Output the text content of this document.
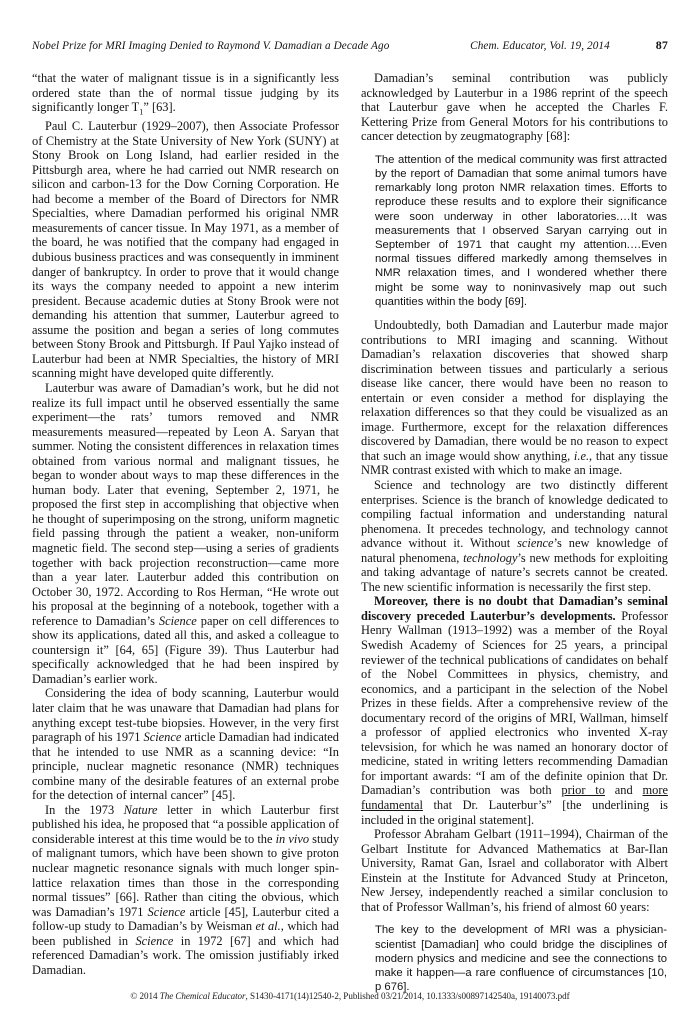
Nobel Prize for MRI Imaging Denied to Raymond V. Damadian a Decade Ago	Chem. Educator, Vol. 19, 2014	87

“that the water of malignant tissue is in a significantly less ordered state than the of normal tissue judging by its significantly longer $T_1$” [63].

Paul C. Lauterbur (1929–2007), then Associate Professor of Chemistry at the State University of New York (SUNY) at Stony Brook on Long Island, had earlier resided in the Pittsburgh area, where he had carried out NMR research on silicon and carbon-13 for the Dow Corning Corporation. He had become a member of the Board of Directors for NMR Specialties, where Damadian performed his original NMR measurements of cancer tissue. In May 1971, as a member of the board, he was notified that the company had engaged in dubious business practices and was consequently in imminent danger of bankruptcy. In order to prove that it would change its ways the company needed to appoint a new interim president. Because academic duties at Stony Brook were not demanding his attention that summer, Lauterbur agreed to assume the position and began a series of long commutes between Stony Brook and Pittsburgh. If Paul Yajko instead of Lauterbur had been at NMR Specialties, the history of MRI scanning might have developed quite differently.

Lauterbur was aware of Damadian’s work, but he did not realize its full impact until he observed essentially the same experiment—the rats’ tumors removed and NMR measurements measured—repeated by Leon A. Saryan that summer. Noting the consistent differences in relaxation times obtained from various normal and malignant tissues, he began to wonder about ways to map these differences in the human body. Later that evening, September 2, 1971, he proposed the first step in accomplishing that objective when he thought of superimposing on the strong, uniform magnetic field passing through the patient a weaker, non-uniform magnetic field. The second step—using a series of gradients together with back projection reconstruction—came more than a year later. Lauterbur added this contribution on October 30, 1972. According to Ros Herman, “He wrote out his proposal at the beginning of a notebook, together with a reference to Damadian’s Science paper on cell differences to show its applications, dated all this, and asked a colleague to countersign it” [64, 65] (Figure 39). Thus Lauterbur had specifically acknowledged that he had been inspired by Damadian’s earlier work.

Considering the idea of body scanning, Lauterbur would later claim that he was unaware that Damadian had plans for anything except test-tube biopsies. However, in the very first paragraph of his 1971 Science article Damadian had indicated that he intended to use NMR as a scanning device: “In principle, nuclear magnetic resonance (NMR) techniques combine many of the desirable features of an external probe for the detection of internal cancer” [45].

In the 1973 Nature letter in which Lauterbur first published his idea, he proposed that “a possible application of considerable interest at this time would be to the in vivo study of malignant tumors, which have been shown to give proton nuclear magnetic resonance signals with much longer spin-lattice relaxation times than those in the corresponding normal tissues” [66]. Rather than citing the obvious, which was Damadian’s 1971 Science article [45], Lauterbur cited a follow-up study to Damadian’s by Weisman et al., which had been published in Science in 1972 [67] and which had referenced Damadian’s work. The omission justifiably irked Damadian.

Damadian’s seminal contribution was publicly acknowledged by Lauterbur in a 1986 reprint of the speech that Lauterbur gave when he accepted the Charles F. Kettering Prize from General Motors for his contributions to cancer detection by zeugmatography [68]:

The attention of the medical community was first attracted by the report of Damadian that some animal tumors have remarkably long proton NMR relaxation times. Efforts to reproduce these results and to explore their significance were soon underway in other laboratories.…It was measurements that I observed Saryan carrying out in September of 1971 that caught my attention.…Even normal tissues differed markedly among themselves in NMR relaxation times, and I wondered whether there might be some way to noninvasively map out such quantities within the body [69].

Undoubtedly, both Damadian and Lauterbur made major contributions to MRI imaging and scanning. Without Damadian’s relaxation discoveries that showed sharp discrimination between tissues and particularly a serious disease like cancer, there would have been no reason to entertain or even consider a method for displaying the relaxation differences so that they could be visualized as an image. Furthermore, except for the relaxation differences discovered by Damadian, there would be no reason to expect that such an image would show anything, i.e., that any tissue NMR contrast existed with which to make an image.

Science and technology are two distinctly different enterprises. Science is the branch of knowledge dedicated to compiling factual information and understanding natural phenomena. It precedes technology, and technology cannot advance without it. Without science’s new knowledge of natural phenomena, technology’s new methods for exploiting and taking advantage of nature’s secrets cannot be created. The new scientific information is necessarily the first step.

Moreover, there is no doubt that Damadian’s seminal discovery preceded Lauterbur’s developments. Professor Henry Wallman (1913–1992) was a member of the Royal Swedish Academy of Sciences for 25 years, a principal reviewer of the technical publications of candidates on behalf of the Nobel Committees in physics, chemistry, and economics, and a participant in the selection of the Nobel Prizes in these fields. After a comprehensive review of the documentary record of the origins of MRI, Wallman, himself a professor of applied electronics who invented X-ray televsision, for which he was named an honorary doctor of medicine, stated in writing letters recommending Damadian for important awards: “I am of the definite opinion that Dr. Damadian’s contribution was both prior to and more fundamental that Dr. Lauterbur’s” [the underlining is included in the original statement].

Professor Abraham Gelbart (1911–1994), Chairman of the Gelbart Institute for Advanced Mathematics at Bar-Ilan University, Ramat Gan, Israel and collaborator with Albert Einstein at the Institute for Advanced Study at Princeton, New Jersey, independently reached a similar conclusion to that of Professor Wallman’s, his friend of almost 60 years:

The key to the development of MRI was a physician-scientist [Damadian] who could bridge the disciplines of modern physics and medicine and see the connections to make it happen—a rare confluence of circumstances [10, p 676].
© 2014 The Chemical Educator, S1430-4171(14)12540-2, Published 03/21/2014, 10.1333/s00897142540a, 19140073.pdf
